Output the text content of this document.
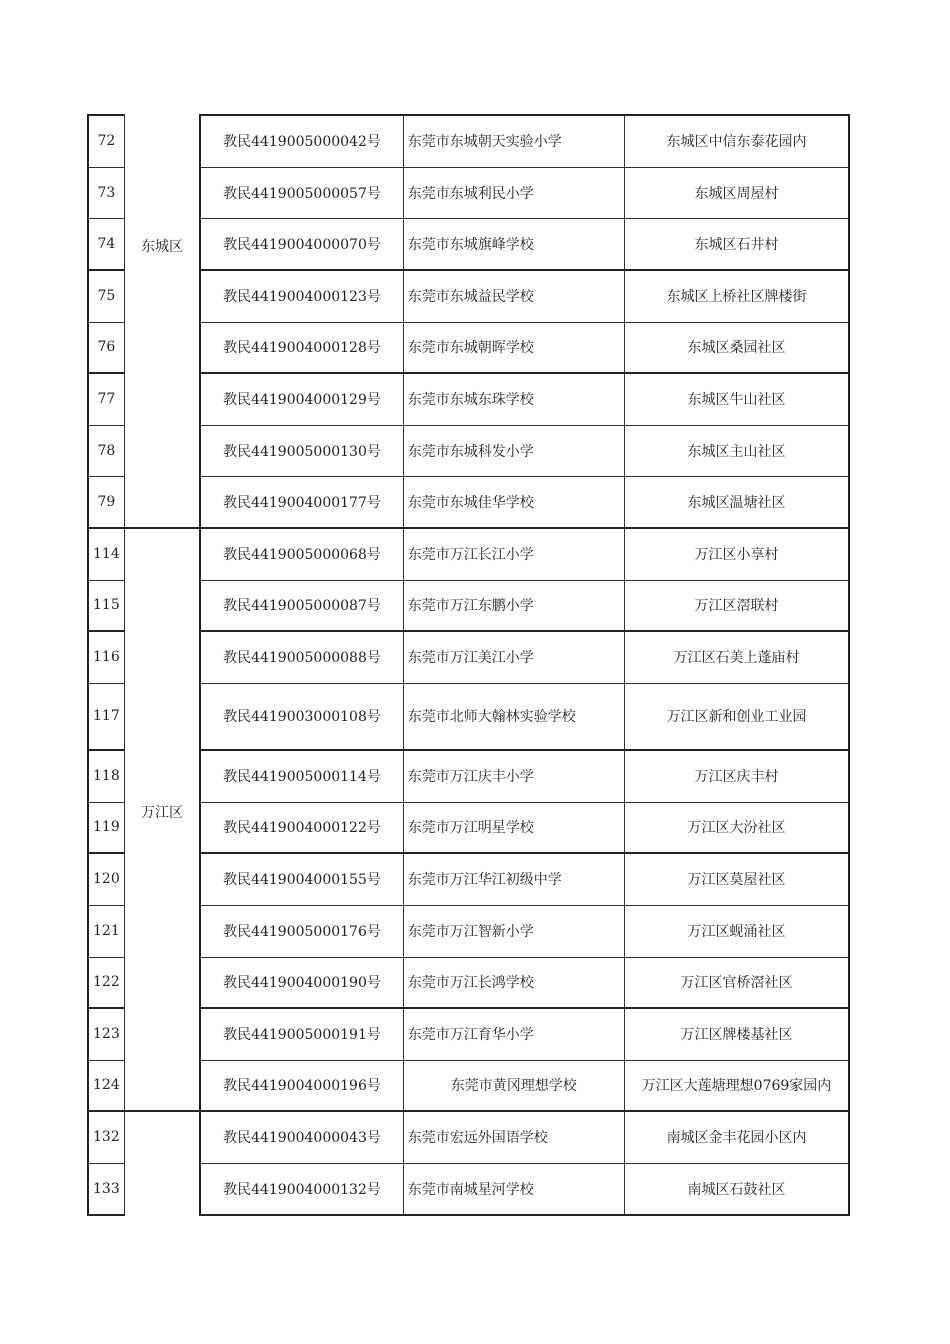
72		教民4419005000042号	东莞市东城朝天实验小学	东城区中信东泰花园内
73		教民4419005000057号	东莞市东城利民小学	东城区周屋村
74	东城区	教民4419004000070号	东莞市东城旗峰学校	东城区石井村
75		教民4419004000123号	东莞市东城益民学校	东城区上桥社区牌楼街
76		教民4419004000128号	东莞市东城朝晖学校	东城区桑园社区
77		教民4419004000129号	东莞市东城东珠学校	东城区牛山社区
78		教民4419005000130号	东莞市东城科发小学	东城区主山社区
79		教民4419004000177号	东莞市东城佳华学校	东城区温塘社区
114		教民4419005000068号	东莞市万江长江小学	万江区小享村
115		教民4419005000087号	东莞市万江东鹏小学	万江区滘联村
116		教民4419005000088号	东莞市万江美江小学	万江区石美上蓬庙村
117		教民4419003000108号	东莞市北师大翰林实验学校	万江区新和创业工业园
118		教民4419005000114号	东莞市万江庆丰小学	万江区庆丰村
119	万江区	教民4419004000122号	东莞市万江明星学校	万江区大汾社区
120		教民4419004000155号	东莞市万江华江初级中学	万江区莫屋社区
121		教民4419005000176号	东莞市万江智新小学	万江区蚬涌社区
122		教民4419004000190号	东莞市万江长鸿学校	万江区官桥滘社区
123		教民4419005000191号	东莞市万江育华小学	万江区牌楼基社区
124		教民4419004000196号	东莞市黄冈理想学校	万江区大莲塘理想0769家园内
132		教民4419004000043号	东莞市宏远外国语学校	南城区金丰花园小区内
133		教民4419004000132号	东莞市南城星河学校	南城区石鼓社区
